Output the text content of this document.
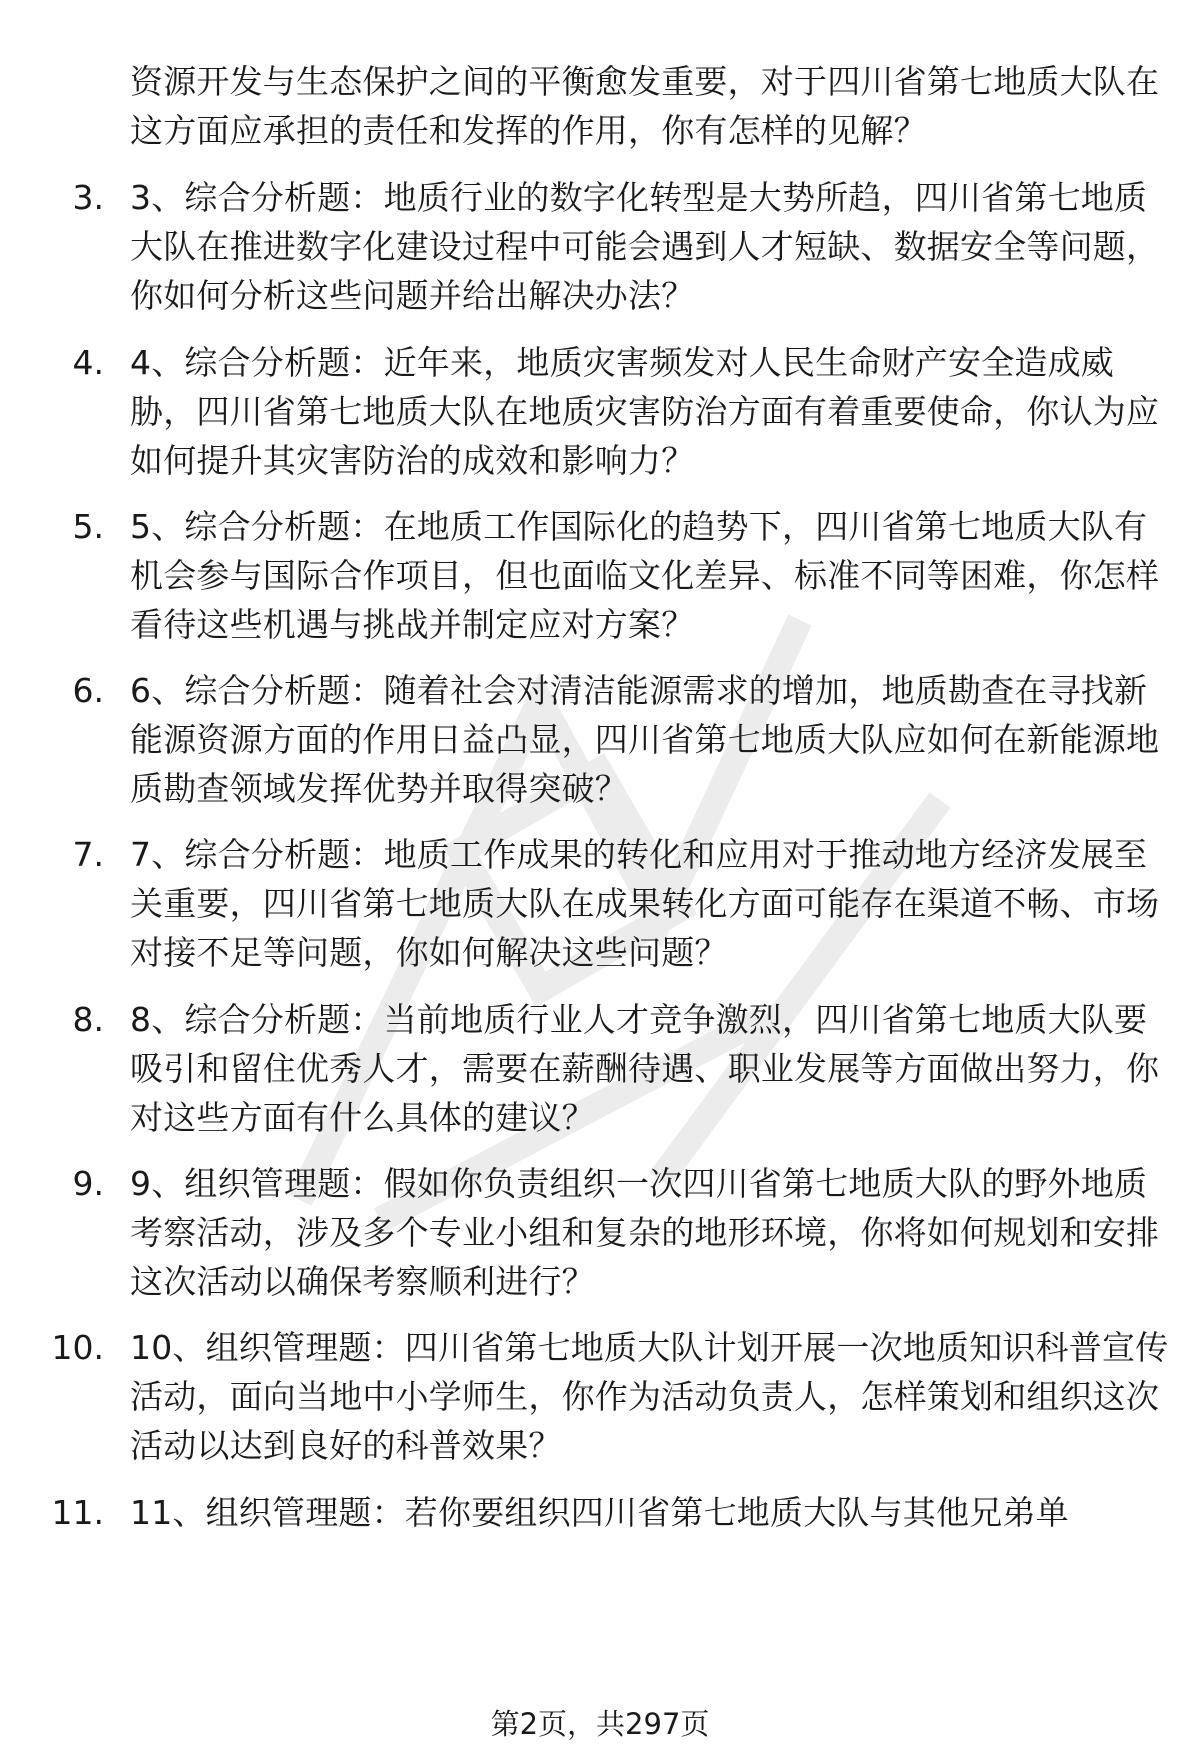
资源开发与生态保护之间的平衡愈发重要，对于四川省第七地质大队在这方面应承担的责任和发挥的作用，你有怎样的见解？
3. 3、综合分析题：地质行业的数字化转型是大势所趋，四川省第七地质大队在推进数字化建设过程中可能会遇到人才短缺、数据安全等问题，你如何分析这些问题并给出解决办法？
4. 4、综合分析题：近年来，地质灾害频发对人民生命财产安全造成威胁，四川省第七地质大队在地质灾害防治方面有着重要使命，你认为应如何提升其灾害防治的成效和影响力？
5. 5、综合分析题：在地质工作国际化的趋势下，四川省第七地质大队有机会参与国际合作项目，但也面临文化差异、标准不同等困难，你怎样看待这些机遇与挑战并制定应对方案？
6. 6、综合分析题：随着社会对清洁能源需求的增加，地质勘查在寻找新能源资源方面的作用日益凸显，四川省第七地质大队应如何在新能源地质勘查领域发挥优势并取得突破？
7. 7、综合分析题：地质工作成果的转化和应用对于推动地方经济发展至关重要，四川省第七地质大队在成果转化方面可能存在渠道不畅、市场对接不足等问题，你如何解决这些问题？
8. 8、综合分析题：当前地质行业人才竞争激烈，四川省第七地质大队要吸引和留住优秀人才，需要在薪酬待遇、职业发展等方面做出努力，你对这些方面有什么具体的建议？
9. 9、组织管理题：假如你负责组织一次四川省第七地质大队的野外地质考察活动，涉及多个专业小组和复杂的地形环境，你将如何规划和安排这次活动以确保考察顺利进行？
10. 10、组织管理题：四川省第七地质大队计划开展一次地质知识科普宣传活动，面向当地中小学师生，你作为活动负责人，怎样策划和组织这次活动以达到良好的科普效果？
11. 11、组织管理题：若你要组织四川省第七地质大队与其他兄弟单
第2页，共297页
